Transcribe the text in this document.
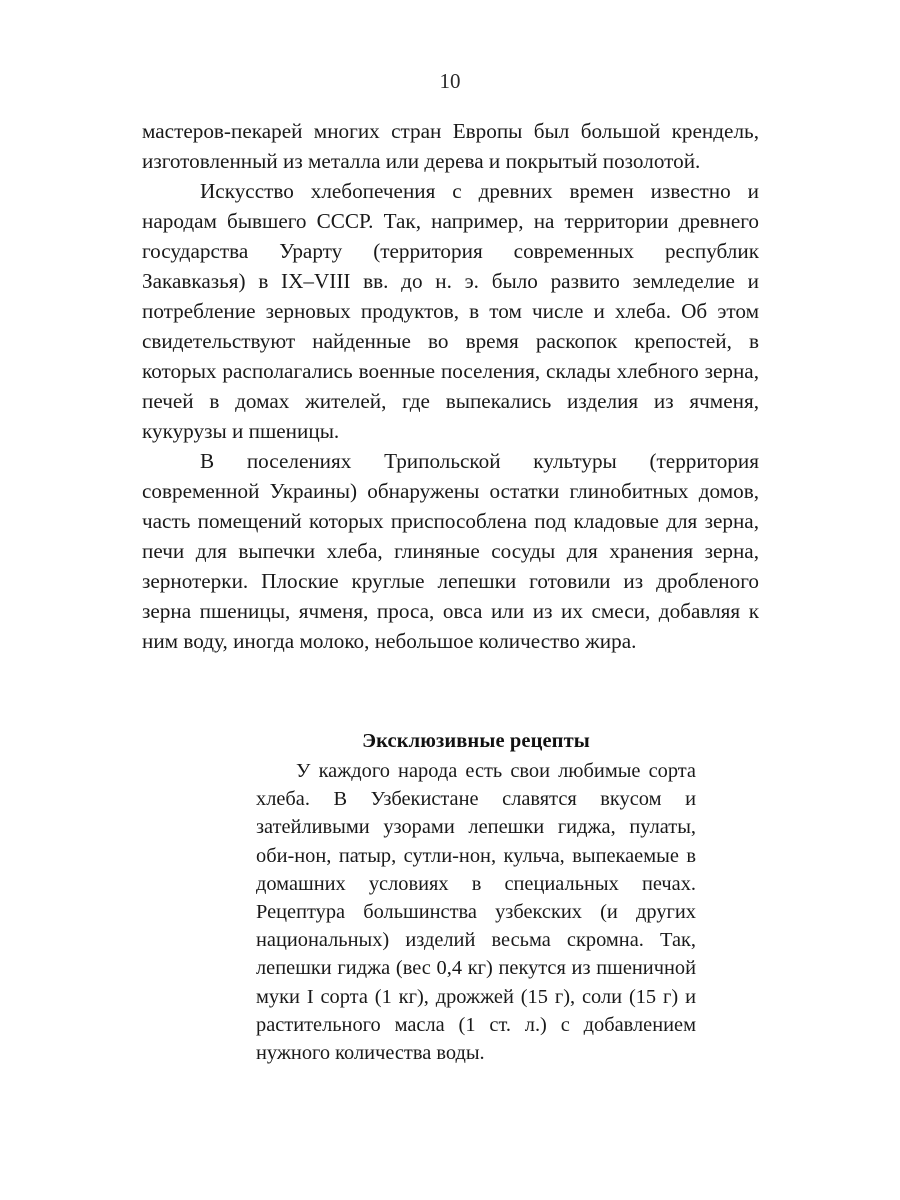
10

мастеров-пекарей многих стран Европы был большой крендель, изготовленный из металла или дерева и покрытый позолотой.

Искусство хлебопечения с древних времен известно и народам бывшего СССР. Так, например, на территории древнего государства Урарту (территория современных республик Закавказья) в IX–VIII вв. до н. э. было развито земледелие и потребление зерновых продуктов, в том числе и хлеба. Об этом свидетельствуют найденные во время раскопок крепостей, в которых располагались военные поселения, склады хлебного зерна, печей в домах жителей, где выпекались изделия из ячменя, кукурузы и пшеницы.

В поселениях Трипольской культуры (территория современной Украины) обнаружены остатки глинобитных домов, часть помещений которых приспособлена под кладовые для зерна, печи для выпечки хлеба, глиняные сосуды для хранения зерна, зернотерки. Плоские круглые лепешки готовили из дробленого зерна пшеницы, ячменя, проса, овса или из их смеси, добавляя к ним воду, иногда молоко, небольшое количество жира.

Эксклюзивные рецепты

У каждого народа есть свои любимые сорта хлеба. В Узбекистане славятся вкусом и затейливыми узорами лепешки гиджа, пулаты, оби-нон, патыр, сутли-нон, кульча, выпекаемые в домашних условиях в специальных печах. Рецептура большинства узбекских (и других национальных) изделий весьма скромна. Так, лепешки гиджа (вес 0,4 кг) пекутся из пшеничной муки I сорта (1 кг), дрожжей (15 г), соли (15 г) и растительного масла (1 ст. л.) с добавлением нужного количества воды.
